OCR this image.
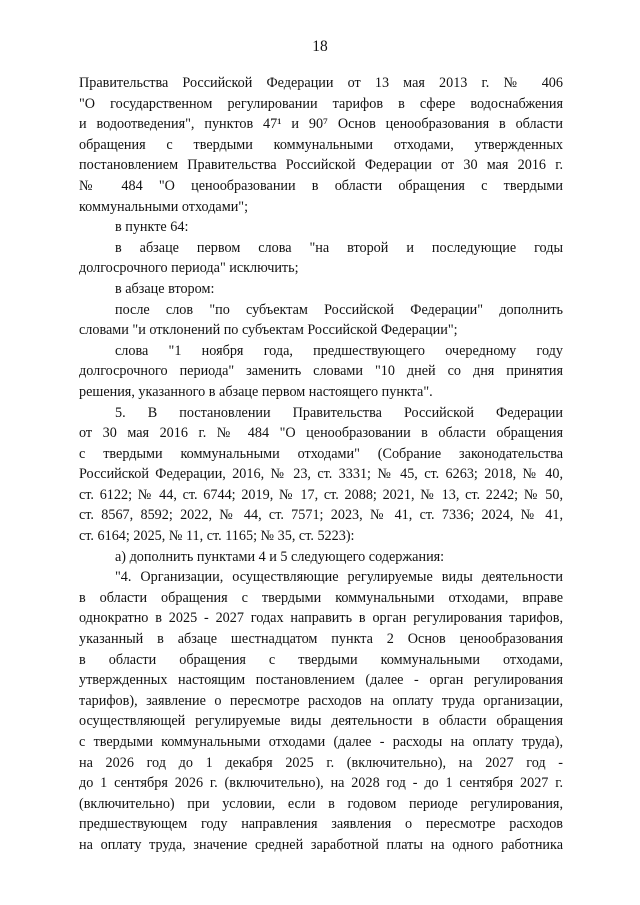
18

Правительства Российской Федерации от 13 мая 2013 г. № 406

"О государственном регулировании тарифов в сфере водоснабжения

и водоотведения", пунктов 47¹ и 90⁷ Основ ценообразования в области

обращения с твердыми коммунальными отходами, утвержденных

постановлением Правительства Российской Федерации от 30 мая 2016 г.

№ 484 "О ценообразовании в области обращения с твердыми

коммунальными отходами";

в пункте 64:

в абзаце первом слова "на второй и последующие годы

долгосрочного периода" исключить;

в абзаце втором:

после слов "по субъектам Российской Федерации" дополнить

словами "и отклонений по субъектам Российской Федерации";

слова "1 ноября года, предшествующего очередному году

долгосрочного периода" заменить словами "10 дней со дня принятия

решения, указанного в абзаце первом настоящего пункта".

5. В постановлении Правительства Российской Федерации

от 30 мая 2016 г. № 484 "О ценообразовании в области обращения

с твердыми коммунальными отходами" (Собрание законодательства

Российской Федерации, 2016, № 23, ст. 3331; № 45, ст. 6263; 2018, № 40,

ст. 6122; № 44, ст. 6744; 2019, № 17, ст. 2088; 2021, № 13, ст. 2242; № 50,

ст. 8567, 8592; 2022, № 44, ст. 7571; 2023, № 41, ст. 7336; 2024, № 41,

ст. 6164; 2025, № 11, ст. 1165; № 35, ст. 5223):

а) дополнить пунктами 4 и 5 следующего содержания:

"4. Организации, осуществляющие регулируемые виды деятельности

в области обращения с твердыми коммунальными отходами, вправе

однократно в 2025 - 2027 годах направить в орган регулирования тарифов,

указанный в абзаце шестнадцатом пункта 2 Основ ценообразования

в области обращения с твердыми коммунальными отходами,

утвержденных настоящим постановлением (далее - орган регулирования

тарифов), заявление о пересмотре расходов на оплату труда организации,

осуществляющей регулируемые виды деятельности в области обращения

с твердыми коммунальными отходами (далее - расходы на оплату труда),

на 2026 год до 1 декабря 2025 г. (включительно), на 2027 год -

до 1 сентября 2026 г. (включительно), на 2028 год - до 1 сентября 2027 г.

(включительно) при условии, если в годовом периоде регулирования,

предшествующем году направления заявления о пересмотре расходов

на оплату труда, значение средней заработной платы на одного работника
